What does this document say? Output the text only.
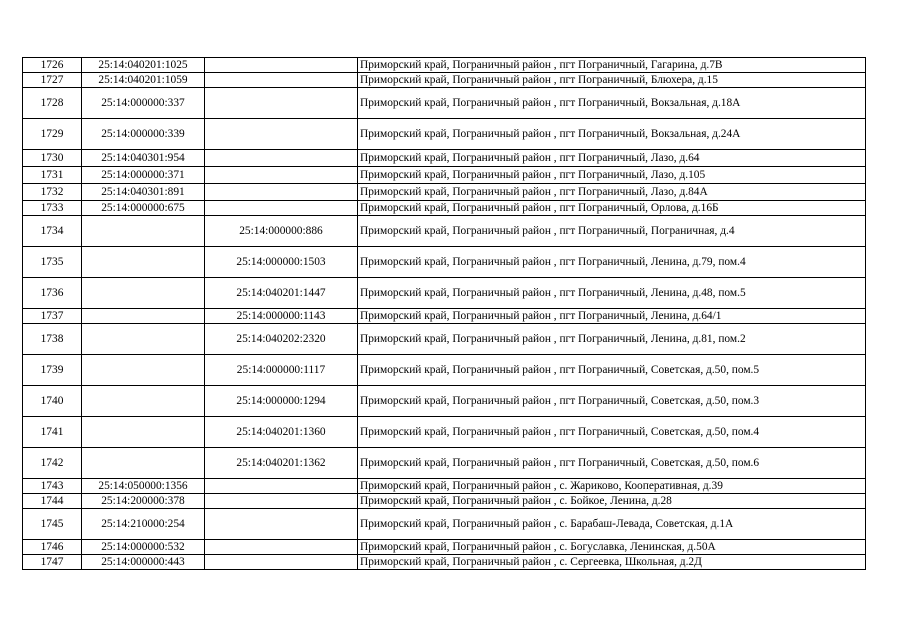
1726	25:14:040201:1025		Приморский край, Пограничный район , пгт Пограничный, Гагарина, д.7В
1727	25:14:040201:1059		Приморский край, Пограничный район , пгт Пограничный, Блюхера, д.15
1728	25:14:000000:337		Приморский край, Пограничный район , пгт Пограничный, Вокзальная, д.18А
1729	25:14:000000:339		Приморский край, Пограничный район , пгт Пограничный, Вокзальная, д.24А
1730	25:14:040301:954		Приморский край, Пограничный район , пгт Пограничный, Лазо, д.64
1731	25:14:000000:371		Приморский край, Пограничный район , пгт Пограничный, Лазо, д.105
1732	25:14:040301:891		Приморский край, Пограничный район , пгт Пограничный, Лазо, д.84А
1733	25:14:000000:675		Приморский край, Пограничный район , пгт Пограничный, Орлова, д.16Б
1734		25:14:000000:886	Приморский край, Пограничный район , пгт Пограничный, Пограничная, д.4
1735		25:14:000000:1503	Приморский край, Пограничный район , пгт Пограничный, Ленина, д.79, пом.4
1736		25:14:040201:1447	Приморский край, Пограничный район , пгт Пограничный, Ленина, д.48, пом.5
1737		25:14:000000:1143	Приморский край, Пограничный район , пгт Пограничный, Ленина, д.64/1
1738		25:14:040202:2320	Приморский край, Пограничный район , пгт Пограничный, Ленина, д.81, пом.2
1739		25:14:000000:1117	Приморский край, Пограничный район , пгт Пограничный, Советская, д.50, пом.5
1740		25:14:000000:1294	Приморский край, Пограничный район , пгт Пограничный, Советская, д.50, пом.3
1741		25:14:040201:1360	Приморский край, Пограничный район , пгт Пограничный, Советская, д.50, пом.4
1742		25:14:040201:1362	Приморский край, Пограничный район , пгт Пограничный, Советская, д.50, пом.6
1743	25:14:050000:1356		Приморский край, Пограничный район , с. Жариково, Кооперативная, д.39
1744	25:14:200000:378		Приморский край, Пограничный район , с. Бойкое, Ленина, д.28
1745	25:14:210000:254		Приморский край, Пограничный район , с. Барабаш-Левада, Советская, д.1А
1746	25:14:000000:532		Приморский край, Пограничный район , с. Богуславка, Ленинская, д.50А
1747	25:14:000000:443		Приморский край, Пограничный район , с. Сергеевка, Школьная, д.2Д
